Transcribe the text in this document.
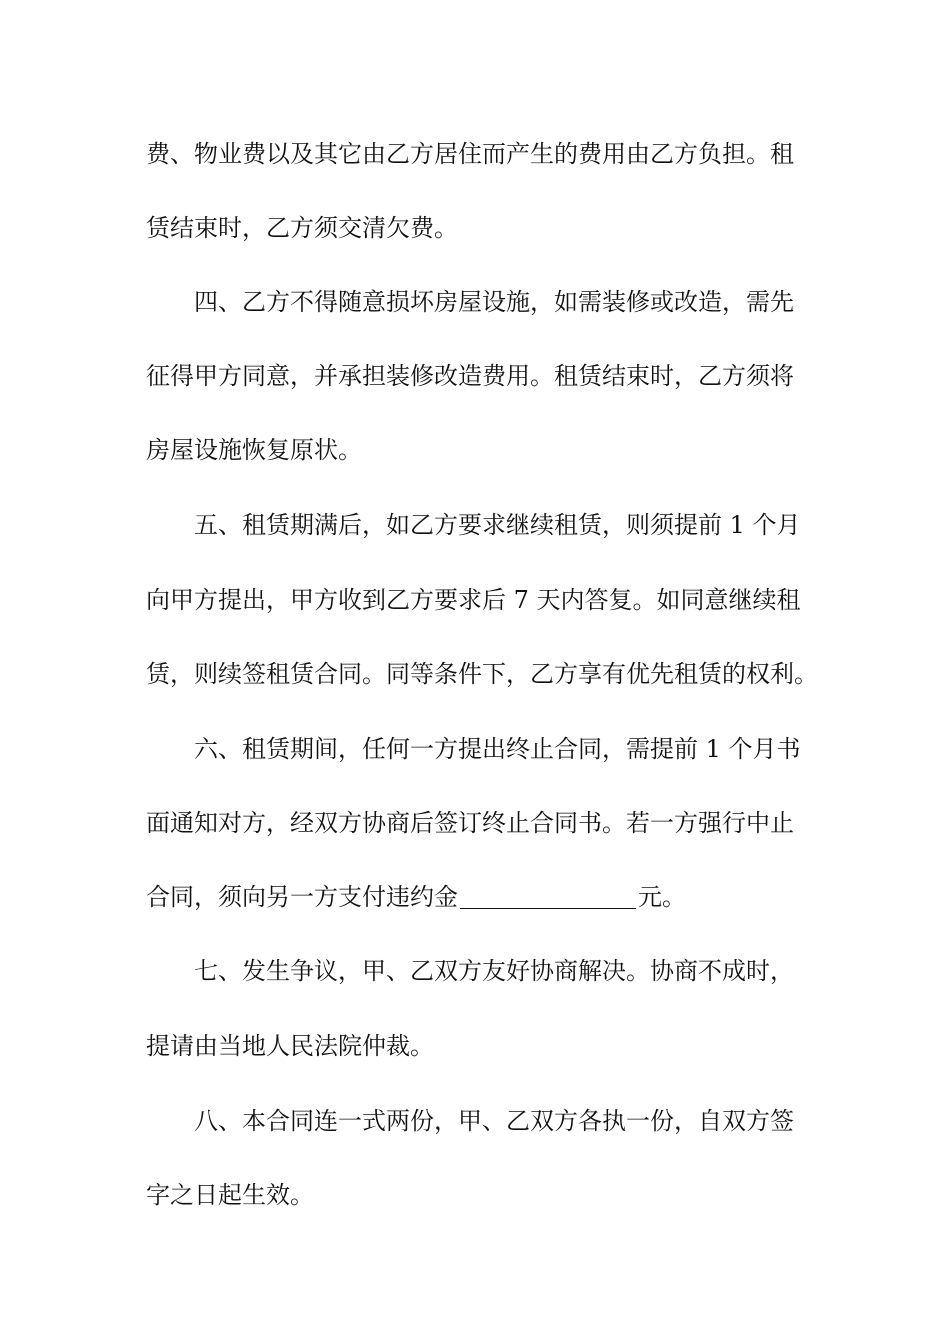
费、物业费以及其它由乙方居住而产生的费用由乙方负担。租
赁结束时，乙方须交清欠费。
四、乙方不得随意损坏房屋设施，如需装修或改造，需先
征得甲方同意，并承担装修改造费用。租赁结束时，乙方须将
房屋设施恢复原状。
五、租赁期满后，如乙方要求继续租赁，则须提前 1 个月
向甲方提出，甲方收到乙方要求后 7 天内答复。如同意继续租
赁，则续签租赁合同。同等条件下，乙方享有优先租赁的权利。
六、租赁期间，任何一方提出终止合同，需提前 1 个月书
面通知对方，经双方协商后签订终止合同书。若一方强行中止
合同，须向另一方支付违约金	元。
七、发生争议，甲、乙双方友好协商解决。协商不成时，
提请由当地人民法院仲裁。
八、本合同连一式两份，甲、乙双方各执一份，自双方签
字之日起生效。
